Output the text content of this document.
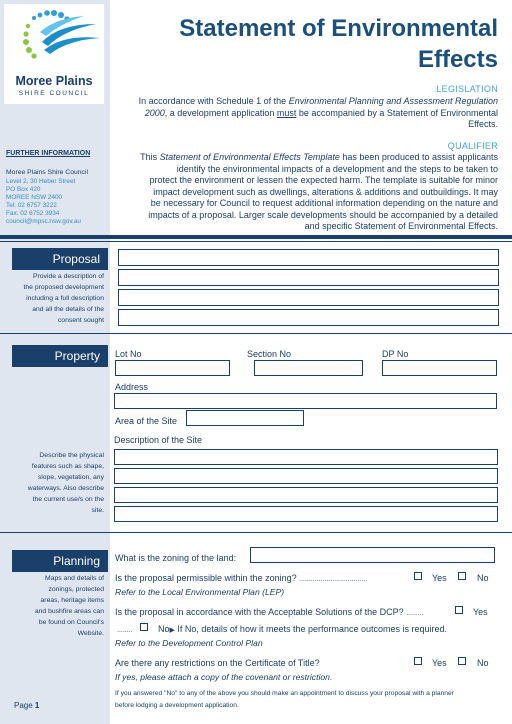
Moree Plains
SHIRE COUNCIL
Statement of Environmental
Effects
LEGISLATION
In accordance with Schedule 1 of the Environmental Planning and Assessment Regulation
2000, a development application must be accompanied by a Statement of Environmental
Effects.
QUALIFIER
This Statement of Environmental Effects Template has been produced to assist applicants
identify the environmental impacts of a development and the steps to be taken to
protect the environment or lessen the expected harm. The template is suitable for minor
impact development such as dwellings, alterations & additions and outbuildings. It may
be necessary for Council to request additional information depending on the nature and
impacts of a proposal. Larger scale developments should be accompanied by a detailed
and specific Statement of Environmental Effects.
FURTHER INFORMATION
Moree Plains Shire Council
Level 2, 30 Heber Street
PO Box 420
MOREE NSW 2400
Tel: 02 6757 3222
Fax: 02 6752 3934
council@mpsc.nsw.gov.au
Proposal
Provide a description of
the proposed development
including a full description
and all the details of the
consent sought
Property	Lot No	Section No	DP No
Address
Area of the Site
Description of the Site
Describe the physical
features such as shape,
slope, vegetation, any
waterways. Also describe
the current use/s on the
site.
Planning
Maps and details of
zonings, protected
areas, heritage items
and bushfire areas can
be found on Council's
Website.
What is the zoning of the land:
Is the proposal permissible within the zoning? ...................................	Yes	No
Refer to the Local Environmental Plan (LEP)
Is the proposal in accordance with the Acceptable Solutions of the DCP? .........	Yes
........	No▶ If No, details of how it meets the performance outcomes is required.
Refer to the Development Control Plan
Are there any restrictions on the Certificate of Title?	Yes	No
If yes, please attach a copy of the covenant or restriction.
If you answered "No" to any of the above you should make an appointment to discuss your proposal with a planner
before lodging a development application.
Page 1
